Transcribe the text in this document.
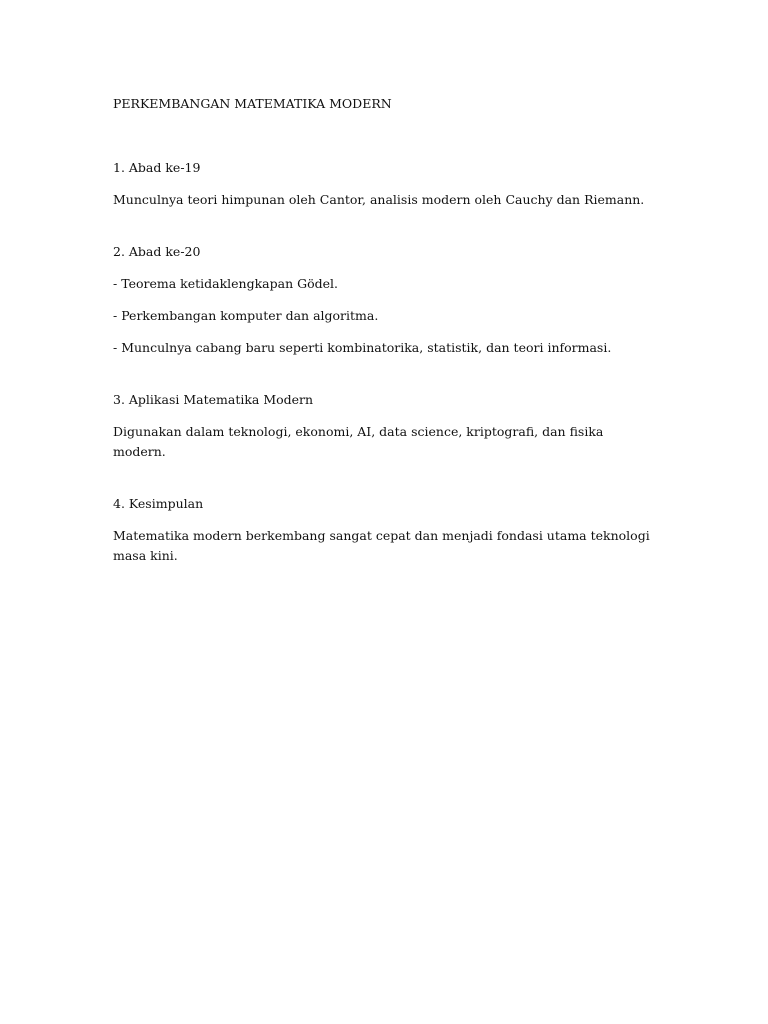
PERKEMBANGAN MATEMATIKA MODERN

1. Abad ke-19

Munculnya teori himpunan oleh Cantor, analisis modern oleh Cauchy dan Riemann.

2. Abad ke-20

- Teorema ketidaklengkapan Gödel.

- Perkembangan komputer dan algoritma.

- Munculnya cabang baru seperti kombinatorika, statistik, dan teori informasi.

3. Aplikasi Matematika Modern

Digunakan dalam teknologi, ekonomi, AI, data science, kriptografi, dan fisika modern.

4. Kesimpulan

Matematika modern berkembang sangat cepat dan menjadi fondasi utama teknologi masa kini.
